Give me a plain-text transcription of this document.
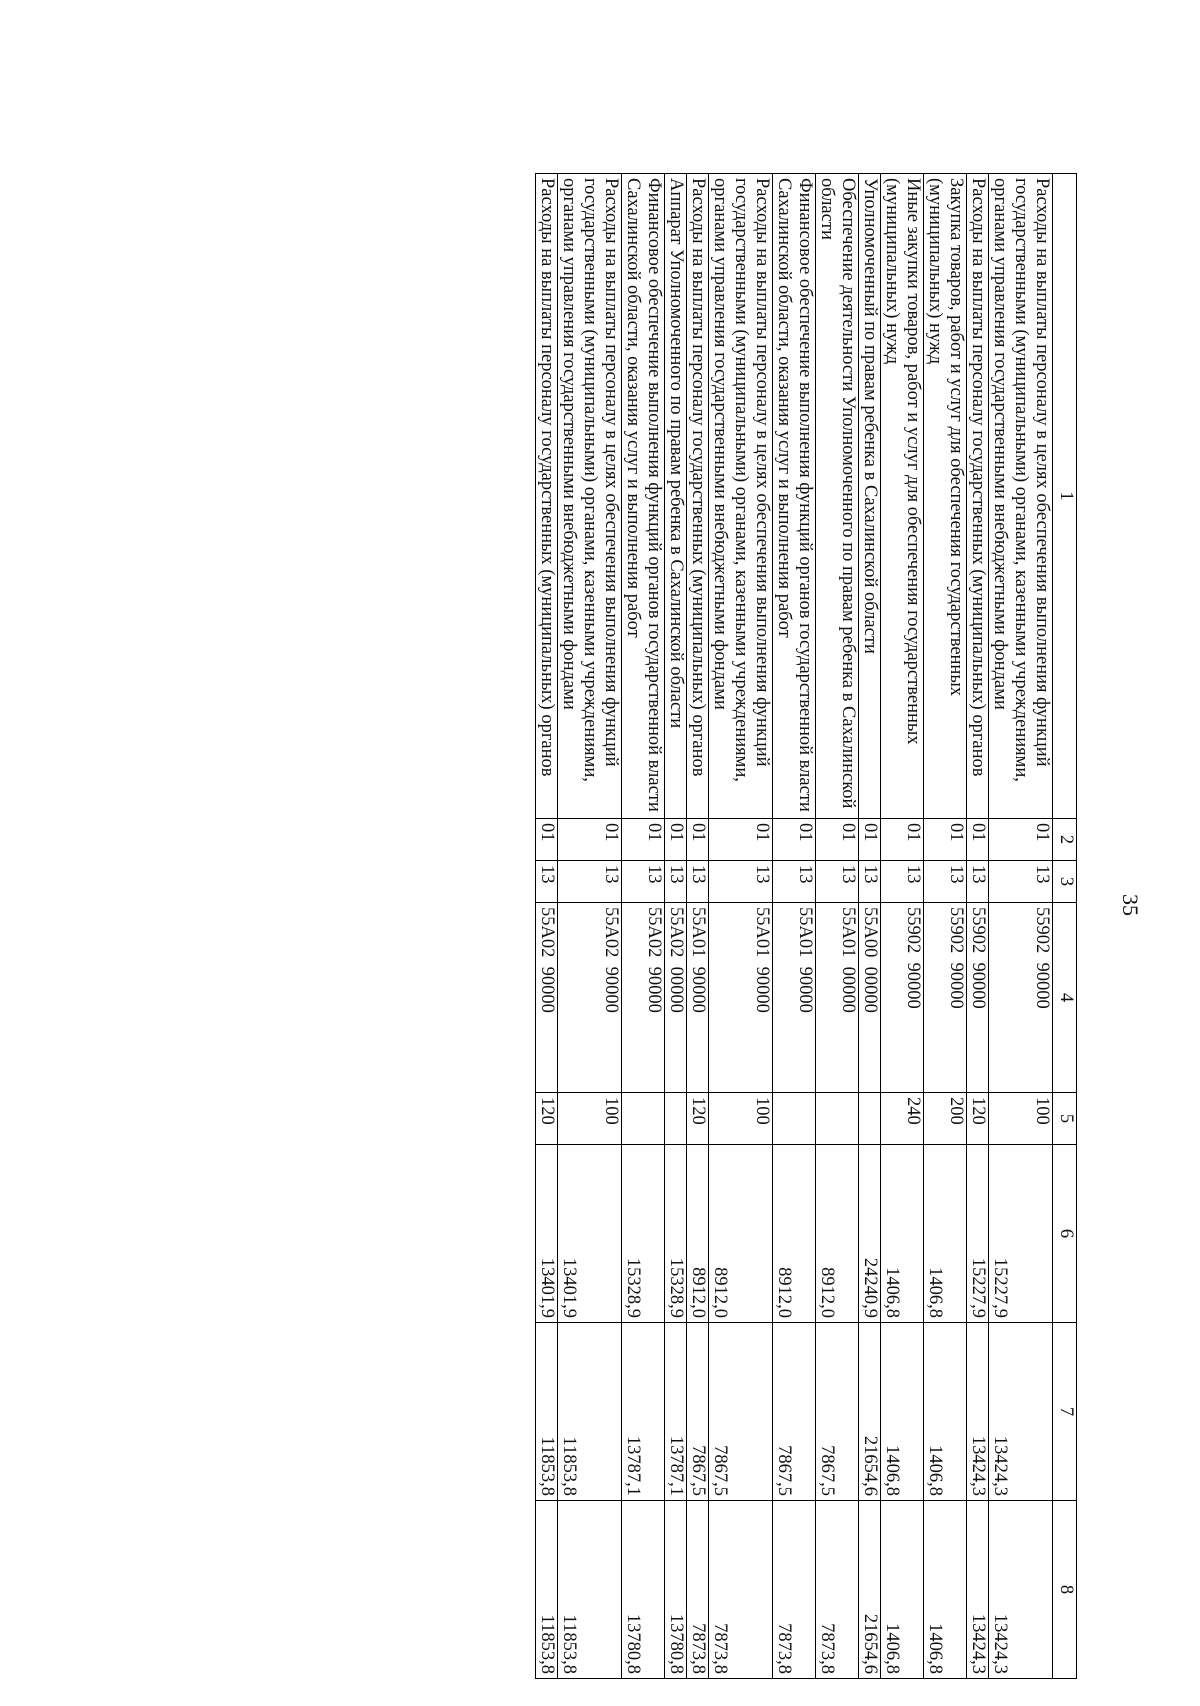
35
1	2	3	4	5	6	7	8
Расходы на выплаты персоналу в целях обеспечения выполнения функций государственными (муниципальными) органами, казенными учреждениями, органами управления государственными внебюджетными фондами	01	13	55902  90000	100	15227,9	13424,3	13424,3
Расходы на выплаты персоналу государственных (муниципальных) органов	01	13	55902  90000	120	15227,9	13424,3	13424,3
Закупка товаров, работ и услуг для обеспечения государственных (муниципальных) нужд	01	13	55902  90000	200	1406,8	1406,8	1406,8
Иные закупки товаров, работ и услуг для обеспечения государственных (муниципальных) нужд	01	13	55902  90000	240	1406,8	1406,8	1406,8
Уполномоченный по правам ребенка в Сахалинской области	01	13	55А00  00000		24240,9	21654,6	21654,6
Обеспечение деятельности Уполномоченного по правам ребенка в Сахалинской области	01	13	55А01  00000		8912,0	7867,5	7873,8
Финансовое обеспечение выполнения функций органов государственной власти Сахалинской области, оказания услуг и выполнения работ	01	13	55А01  90000		8912,0	7867,5	7873,8
Расходы на выплаты персоналу в целях обеспечения выполнения функций государственными (муниципальными) органами, казенными учреждениями, органами управления государственными внебюджетными фондами	01	13	55А01  90000	100	8912,0	7867,5	7873,8
Расходы на выплаты персоналу государственных (муниципальных) органов	01	13	55А01  90000	120	8912,0	7867,5	7873,8
Аппарат Уполномоченного по правам ребенка в Сахалинской области	01	13	55А02  00000		15328,9	13787,1	13780,8
Финансовое обеспечение выполнения функций органов государственной власти Сахалинской области, оказания услуг и выполнения работ	01	13	55А02  90000		15328,9	13787,1	13780,8
Расходы на выплаты персоналу в целях обеспечения выполнения функций государственными (муниципальными) органами, казенными учреждениями, органами управления государственными внебюджетными фондами	01	13	55А02  90000	100	13401,9	11853,8	11853,8
Расходы на выплаты персоналу государственных (муниципальных) органов	01	13	55А02  90000	120	13401,9	11853,8	11853,8
